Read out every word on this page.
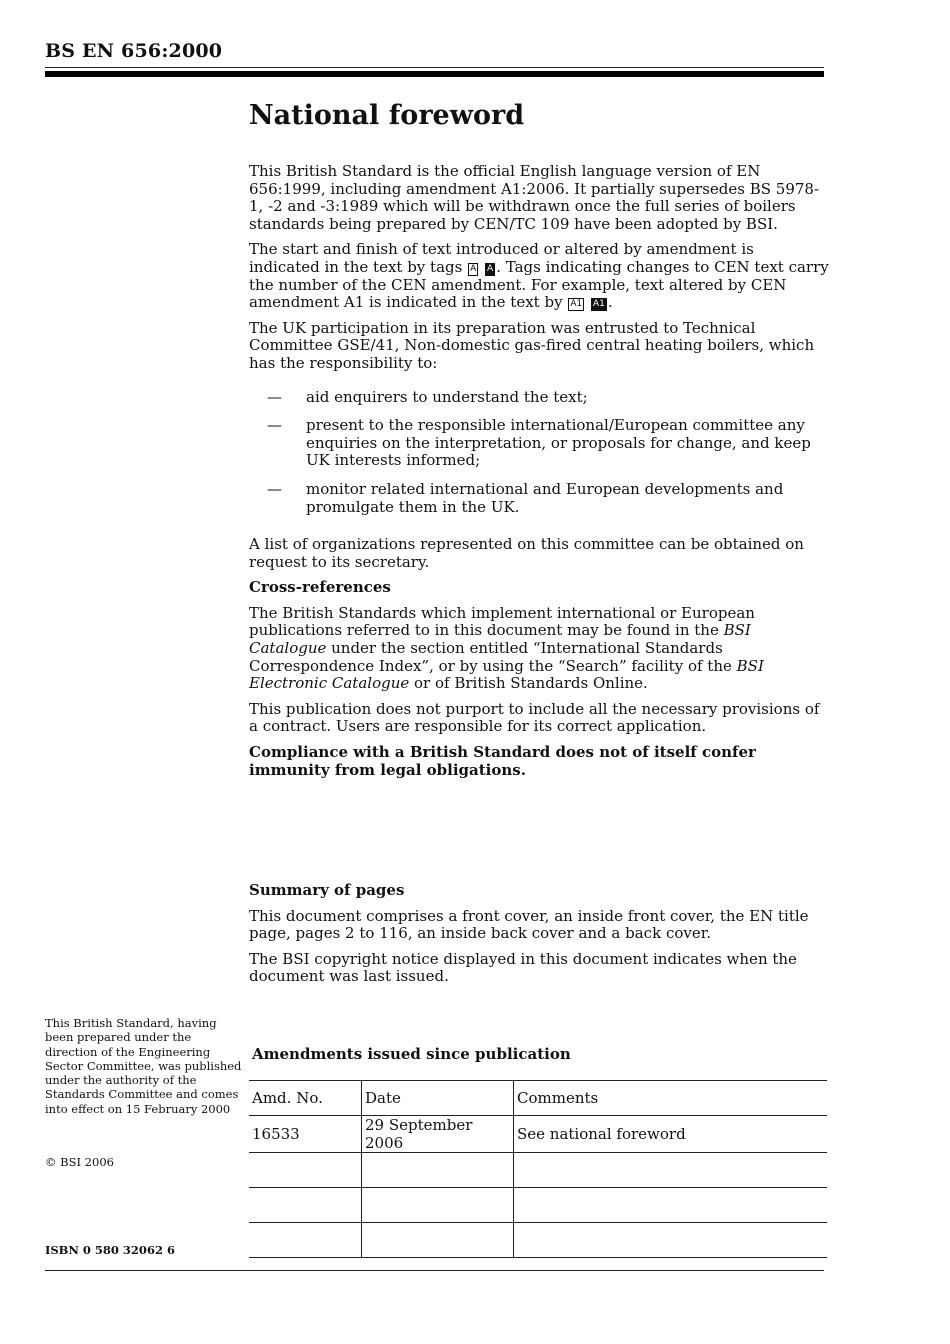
BS EN 656:2000
National foreword

This British Standard is the official English language version of EN 656:1999, including amendment A1:2006. It partially supersedes BS 5978-1, -2 and -3:1989 which will be withdrawn once the full series of boilers standards being prepared by CEN/TC 109 have been adopted by BSI.

The start and finish of text introduced or altered by amendment is indicated in the text by tags A A . Tags indicating changes to CEN text carry the number of the CEN amendment. For example, text altered by CEN amendment A1 is indicated in the text by A1 A1 .

The UK participation in its preparation was entrusted to Technical Committee GSE/41, Non-domestic gas-fired central heating boilers, which has the responsibility to:

— aid enquirers to understand the text;
— present to the responsible international/European committee any enquiries on the interpretation, or proposals for change, and keep UK interests informed;
— monitor related international and European developments and promulgate them in the UK.

A list of organizations represented on this committee can be obtained on request to its secretary.

Cross-references

The British Standards which implement international or European publications referred to in this document may be found in the BSI Catalogue under the section entitled “International Standards Correspondence Index”, or by using the “Search” facility of the BSI Electronic Catalogue or of British Standards Online.

This publication does not purport to include all the necessary provisions of a contract. Users are responsible for its correct application.

Compliance with a British Standard does not of itself confer immunity from legal obligations.

Summary of pages

This document comprises a front cover, an inside front cover, the EN title page, pages 2 to 116, an inside back cover and a back cover.

The BSI copyright notice displayed in this document indicates when the document was last issued.

This British Standard, having been prepared under the direction of the Engineering Sector Committee, was published under the authority of the Standards Committee and comes into effect on 15 February 2000
© BSI 2006
ISBN 0 580 32062 6
Amendments issued since publication
Amd. No.	Date	Comments
16533	29 September 2006	See national foreword
